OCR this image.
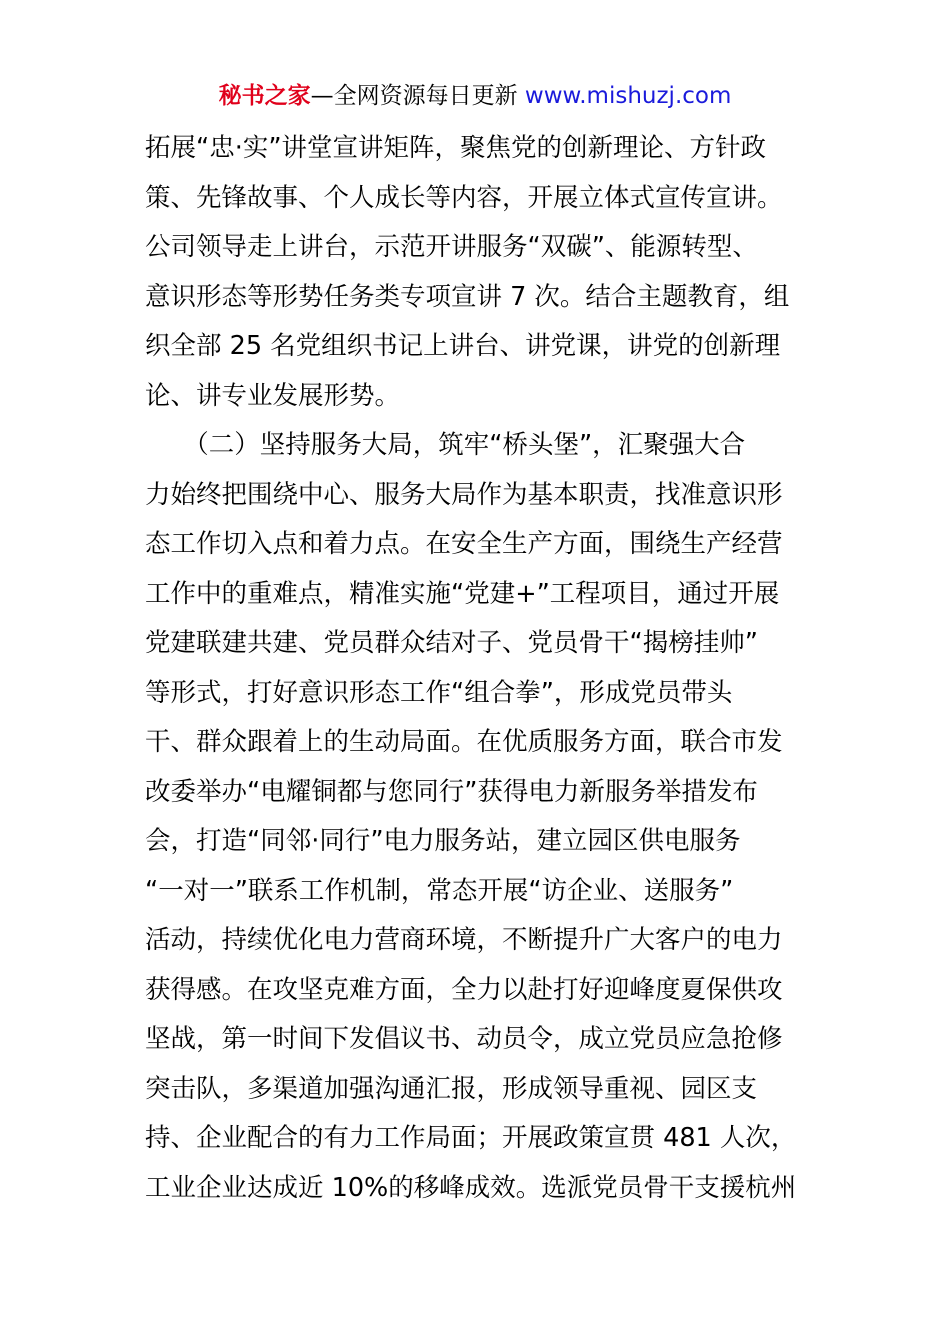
秘书之家—全网资源每日更新 www.mishuzj.com
拓展“忠·实”讲堂宣讲矩阵，聚焦党的创新理论、方针政
策、先锋故事、个人成长等内容，开展立体式宣传宣讲。
公司领导走上讲台，示范开讲服务“双碳”、能源转型、
意识形态等形势任务类专项宣讲 7 次。结合主题教育，组
织全部 25 名党组织书记上讲台、讲党课，讲党的创新理
论、讲专业发展形势。
　　（二）坚持服务大局，筑牢“桥头堡”，汇聚强大合
力始终把围绕中心、服务大局作为基本职责，找准意识形
态工作切入点和着力点。在安全生产方面，围绕生产经营
工作中的重难点，精准实施“党建+”工程项目，通过开展
党建联建共建、党员群众结对子、党员骨干“揭榜挂帅”
等形式，打好意识形态工作“组合拳”，形成党员带头
干、群众跟着上的生动局面。在优质服务方面，联合市发
改委举办“电耀铜都与您同行”获得电力新服务举措发布
会，打造“同邻·同行”电力服务站，建立园区供电服务
“一对一”联系工作机制，常态开展“访企业、送服务”
活动，持续优化电力营商环境，不断提升广大客户的电力
获得感。在攻坚克难方面，全力以赴打好迎峰度夏保供攻
坚战，第一时间下发倡议书、动员令，成立党员应急抢修
突击队，多渠道加强沟通汇报，形成领导重视、园区支
持、企业配合的有力工作局面；开展政策宣贯 481 人次，
工业企业达成近 10%的移峰成效。选派党员骨干支援杭州
